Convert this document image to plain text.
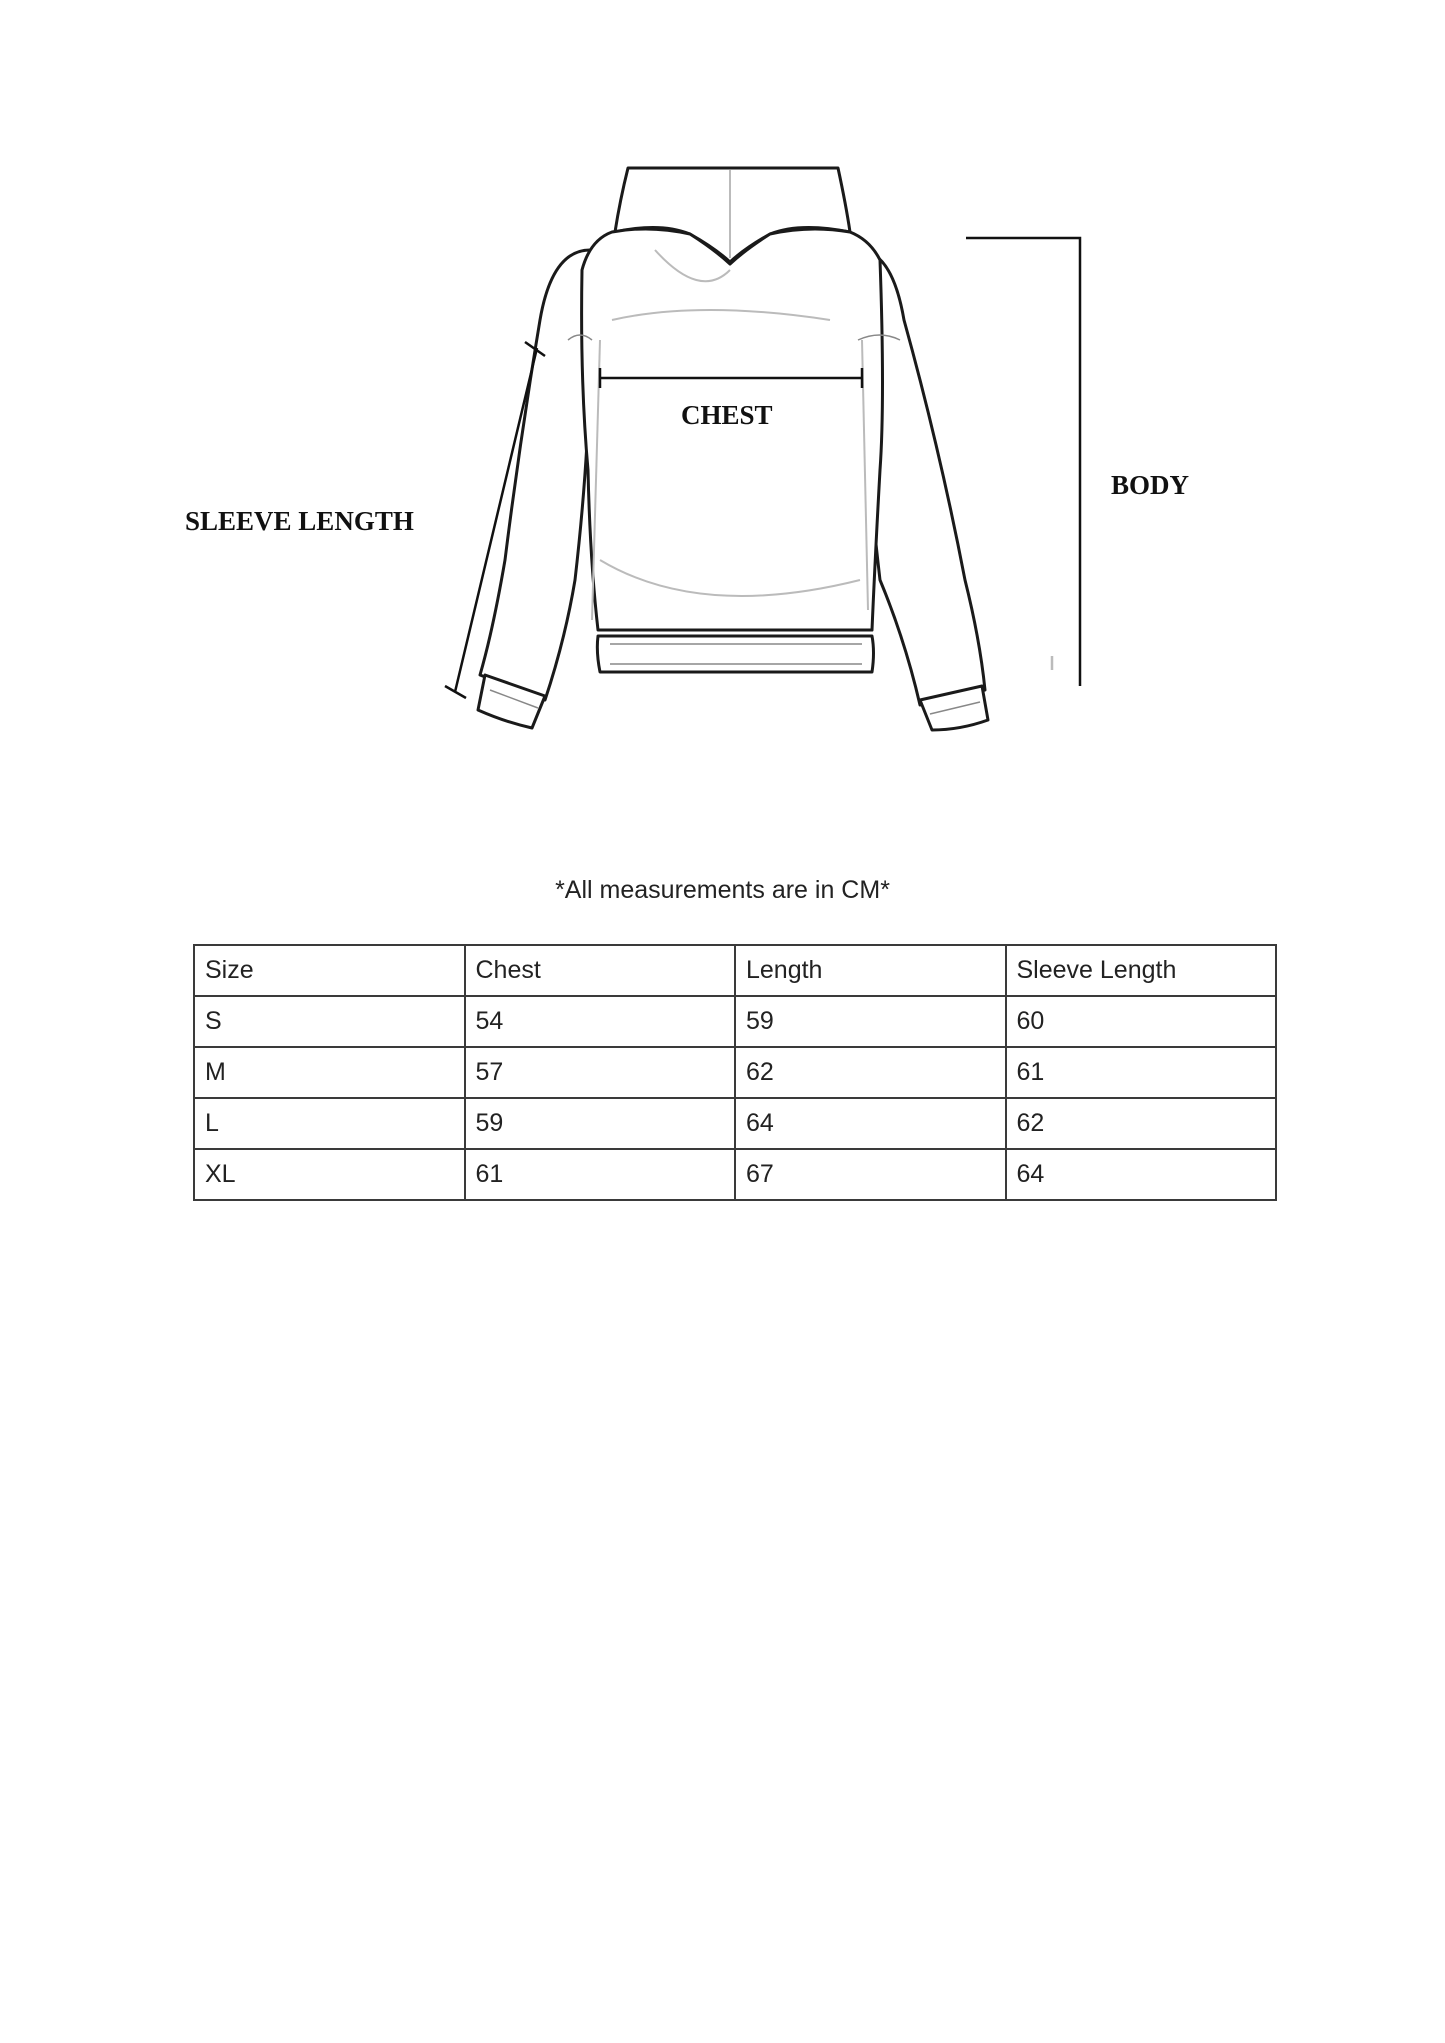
CHEST
BODY
SLEEVE LENGTH
*All measurements are in CM*
Size	Chest	Length	Sleeve Length
S	54	59	60
M	57	62	61
L	59	64	62
XL	61	67	64
